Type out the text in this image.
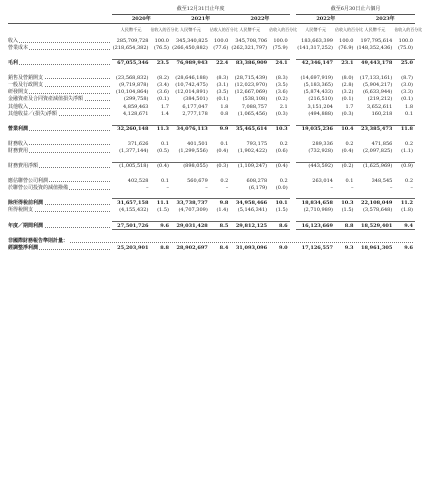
	截至12月31日止年度							截至6月30日止六個月			
	2020年		2021年		2022年			2022年		2023年	
	人民幣千元	佔收入的百分比	人民幣千元	佔收入的百分比	人民幣千元	佔收入的百分比		人民幣千元	佔收入的百分比	人民幣千元	佔收入的百分比
收入	285,709,728	100.0	345,340,825	100.0	345,708,706	100.0		183,663,399	100.0	197,795,614	100.0
營業成本	(218,654,382)	(76.5)	(266,450,882)	(77.6)	(262,321,797)	(75.9)		(141,317,252)	(76.9)	(148,352,436)	(75.0)

毛利	67,055,346	23.5	76,989,943	22.4	83,386,909	24.1		42,346,147	23.1	49,443,178	25.0

銷售及營銷開支	(23,568,832)	(8.2)	(28,646,188)	(8.3)	(28,715,439)	(8.3)		(14,697,919)	(8.0)	(17,133,161)	(8.7)
一般及行政開支	(9,719,878)	(3.4)	(10,742,475)	(3.1)	(12,023,970)	(3.5)		(5,183,365)	(2.8)	(5,904,217)	(3.0)
研發開支	(10,104,864)	(3.6)	(12,014,891)	(3.5)	(12,667,069)	(3.6)		(5,874,433)	(3.2)	(6,633,944)	(3.3)
金融資產及合同資產減值損失淨額	(299,758)	(0.1)	(384,501)	(0.1)	(538,108)	(0.2)		(216,510)	(0.1)	(219,212)	(0.1)
其他收入	4,859,463	1.7	6,177,047	1.8	7,088,757	2.1		3,151,204	1.7	3,652,611	1.8
其他收益／(損失)淨額	4,128,671	1.4	2,777,178	0.8	(1,065,456)	(0.3)		(494,888)	(0.3)	160,218	0.1

營業利潤	32,260,148	11.3	34,076,113	9.9	35,465,614	10.3		19,035,236	10.4	23,385,473	11.8

財務收入	371,626	0.1	401,501	0.1	793,175	0.2		289,336	0.2	471,856	0.2
財務費用	(1,377,144)	(0.5)	(1,299,556)	(0.4)	(1,902,422)	(0.6)		(732,928)	(0.4)	(2,097,825)	(1.1)

財務費用淨額	(1,005,518)	(0.4)	(898,055)	(0.3)	(1,109,247)	(0.4)		(443,592)	(0.2)	(1,625,969)	(0.9)

應佔聯營公司利潤	402,528	0.1	560,679	0.2	608,278	0.2		263,014	0.1	348,545	0.2
於聯營公司投資的減值撥備	–	–	–	–	(6,179)	(0.0)		–	–	–	–

除所得稅前利潤	31,657,158	11.1	33,738,737	9.8	34,958,466	10.1		18,834,658	10.3	22,108,049	11.2
所得稅開支	(4,155,432)	(1.5)	(4,707,309)	(1.4)	(5,146,341)	(1.5)		(2,710,989)	(1.5)	(3,578,648)	(1.8)

年度／期間利潤	27,501,726	9.6	29,031,428	8.5	29,812,125	8.6		16,123,669	8.8	18,529,401	9.4

非國際財務報告準則計量：											
經調整淨利潤	25,203,901	8.8	28,902,697	8.4	31,093,096	9.0		17,126,557	9.3	18,961,305	9.6
